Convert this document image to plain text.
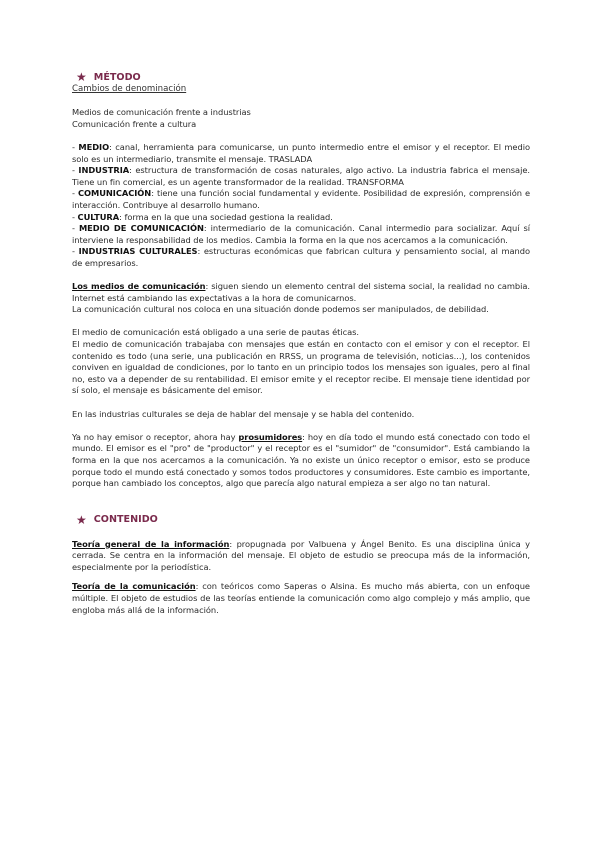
★ MÉTODO
Cambios de denominación

Medios de comunicación frente a industrias

Comunicación frente a cultura

- MEDIO: canal, herramienta para comunicarse, un punto intermedio entre el emisor y el receptor. El medio solo es un intermediario, transmite el mensaje. TRASLADA

- INDUSTRIA: estructura de transformación de cosas naturales, algo activo. La industria fabrica el mensaje. Tiene un fin comercial, es un agente transformador de la realidad. TRANSFORMA

- COMUNICACIÓN: tiene una función social fundamental y evidente. Posibilidad de expresión, comprensión e interacción. Contribuye al desarrollo humano.

- CULTURA: forma en la que una sociedad gestiona la realidad.

- MEDIO DE COMUNICACIÓN: intermediario de la comunicación. Canal intermedio para socializar. Aquí sí interviene la responsabilidad de los medios. Cambia la forma en la que nos acercamos a la comunicación.

- INDUSTRIAS CULTURALES: estructuras económicas que fabrican cultura y pensamiento social, al mando de empresarios.

Los medios de comunicación: siguen siendo un elemento central del sistema social, la realidad no cambia. Internet está cambiando las expectativas a la hora de comunicarnos.

La comunicación cultural nos coloca en una situación donde podemos ser manipulados, de debilidad.

El medio de comunicación está obligado a una serie de pautas éticas.

El medio de comunicación trabajaba con mensajes que están en contacto con el emisor y con el receptor. El contenido es todo (una serie, una publicación en RRSS, un programa de televisión, noticias...), los contenidos conviven en igualdad de condiciones, por lo tanto en un principio todos los mensajes son iguales, pero al final no, esto va a depender de su rentabilidad. El emisor emite y el receptor recibe. El mensaje tiene identidad por sí solo, el mensaje es básicamente del emisor.

En las industrias culturales se deja de hablar del mensaje y se habla del contenido.

Ya no hay emisor o receptor, ahora hay prosumidores: hoy en día todo el mundo está conectado con todo el mundo. El emisor es el "pro" de "productor" y el receptor es el "sumidor" de "consumidor". Está cambiando la forma en la que nos acercamos a la comunicación. Ya no existe un único receptor o emisor, esto se produce porque todo el mundo está conectado y somos todos productores y consumidores. Este cambio es importante, porque han cambiado los conceptos, algo que parecía algo natural empieza a ser algo no tan natural.

★ CONTENIDO

Teoría general de la información: propugnada por Valbuena y Ángel Benito. Es una disciplina única y cerrada. Se centra en la información del mensaje. El objeto de estudio se preocupa más de la información, especialmente por la periodística.

Teoría de la comunicación: con teóricos como Saperas o Alsina. Es mucho más abierta, con un enfoque múltiple. El objeto de estudios de las teorías entiende la comunicación como algo complejo y más amplio, que engloba más allá de la información.
